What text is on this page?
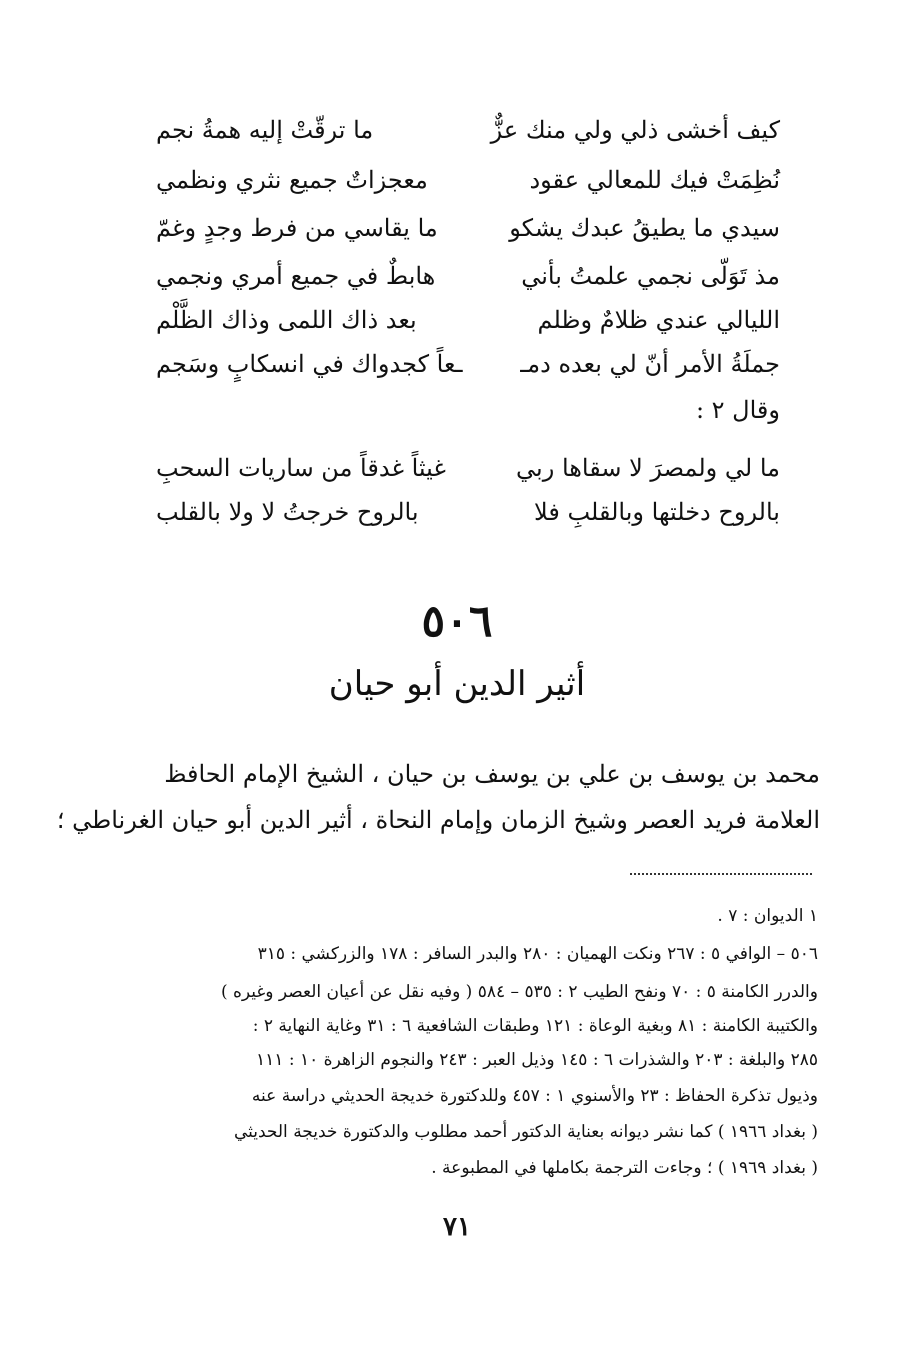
كيف أخشى ذلي ولي منك عزٌّ
ما ترقّتْ إليه همةُ نجم
نُظِمَتْ فيك للمعالي عقود
معجزاتٌ جميع نثري ونظمي
سيدي ما يطيقُ عبدك يشكو
ما يقاسي من فرط وجدٍ وغمّ
مذ تَوَلّى نجمي علمتُ بأني
هابطٌ في جميع أمري ونجمي
الليالي عندي ظلامٌ وظلم
بعد ذاك اللمى وذاك الظَّلْم
جملَةُ الأمر أنّ لي بعده دمـ
ـعاً كجدواك في انسكابٍ وسَجم
وقال ٢ :
ما لي ولمصرَ لا سقاها ربي
غيثاً غدقاً من ساريات السحبِ
بالروح دخلتها وبالقلبِ فلا
بالروح خرجتُ لا ولا بالقلب
٥٠٦
أثير الدين أبو حيان
محمد بن يوسف بن علي بن يوسف بن حيان ، الشيخ الإمام الحافظ
العلامة فريد العصر وشيخ الزمان وإمام النحاة ، أثير الدين أبو حيان الغرناطي ؛
١ الديوان : ٧ .
٥٠٦ – الوافي ٥ : ٢٦٧ ونكت الهميان : ٢٨٠ والبدر السافر : ١٧٨ والزركشي : ٣١٥
والدرر الكامنة ٥ : ٧٠ ونفح الطيب ٢ : ٥٣٥ – ٥٨٤ ( وفيه نقل عن أعيان العصر وغيره )
والكتيبة الكامنة : ٨١ وبغية الوعاة : ١٢١ وطبقات الشافعية ٦ : ٣١ وغاية النهاية ٢ :
٢٨٥ والبلغة : ٢٠٣ والشذرات ٦ : ١٤٥ وذيل العبر : ٢٤٣ والنجوم الزاهرة ١٠ : ١١١
وذيول تذكرة الحفاظ : ٢٣ والأسنوي ١ : ٤٥٧ وللدكتورة خديجة الحديثي دراسة عنه
( بغداد ١٩٦٦ ) كما نشر ديوانه بعناية الدكتور أحمد مطلوب والدكتورة خديجة الحديثي
( بغداد ١٩٦٩ ) ؛ وجاءت الترجمة بكاملها في المطبوعة .
٧١
